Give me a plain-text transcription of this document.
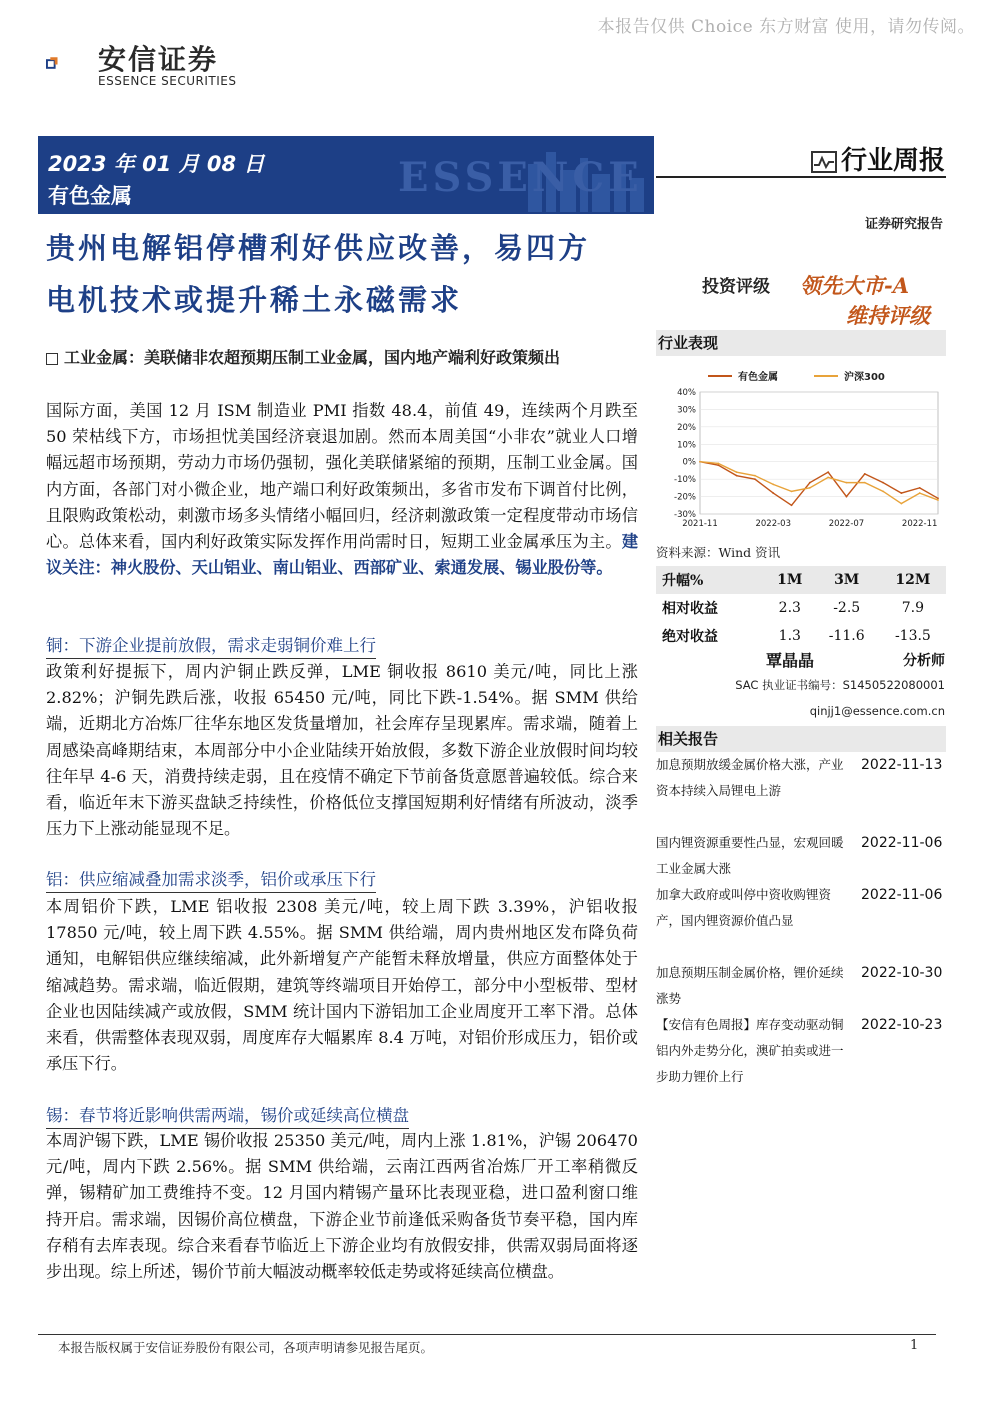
本报告仅供 Choice 东方财富 使用，请勿传阅。
安信证券
ESSENCE SECURITIES
ESSENCE
2023 年 01 月 08 日
有色金属
行业周报
证券研究报告
贵州电解铝停槽利好供应改善，易四方
电机技术或提升稀土永磁需求	投资评级 领先大市-A
维持评级
行业表现
40%
30%
20%
10%
0%
-10%
-20%
-30%
2021-11	2022-03	2022-07	2022-11
有色金属	沪深300
资料来源：Wind 资讯
升幅%	1M	3M	12M
相对收益	2.3	-2.5	7.9
绝对收益	1.3	-11.6	-13.5
覃晶晶	分析师
SAC 执业证书编号：S1450522080001
qinjj1@essence.com.cn
相关报告
加息预期放缓金属价格大涨，产业资本持续入局锂电上游
2022-11-13
国内锂资源重要性凸显，宏观回暖工业金属大涨
2022-11-06
加拿大政府或叫停中资收购锂资产，国内锂资源价值凸显
2022-11-06
加息预期压制金属价格，锂价延续涨势
2022-10-30
【安信有色周报】库存变动驱动铜铝内外走势分化，澳矿拍卖或进一步助力锂价上行
2022-10-23
工业金属：美联储非农超预期压制工业金属，国内地产端利好政策频出
国际方面，美国 12 月 ISM 制造业 PMI 指数 48.4，前值 49，连续两个月跌至 50 荣枯线下方，市场担忧美国经济衰退加剧。然而本周美国“小非农”就业人口增幅远超市场预期，劳动力市场仍强韧，强化美联储紧缩的预期，压制工业金属。国内方面，各部门对小微企业，地产端口利好政策频出，多省市发布下调首付比例，且限购政策松动，刺激市场多头情绪小幅回归，经济刺激政策一定程度带动市场信心。总体来看，国内利好政策实际发挥作用尚需时日，短期工业金属承压为主。建议关注：神火股份、天山铝业、南山铝业、西部矿业、索通发展、锡业股份等。
铜：下游企业提前放假，需求走弱铜价难上行
政策利好提振下，周内沪铜止跌反弹，LME 铜收报 8610 美元/吨，同比上涨 2.82%；沪铜先跌后涨，收报 65450 元/吨，同比下跌-1.54%。据 SMM 供给端，近期北方冶炼厂往华东地区发货量增加，社会库存呈现累库。需求端，随着上周感染高峰期结束，本周部分中小企业陆续开始放假，多数下游企业放假时间均较往年早 4-6 天，消费持续走弱，且在疫情不确定下节前备货意愿普遍较低。综合来看，临近年末下游买盘缺乏持续性，价格低位支撑国短期利好情绪有所波动，淡季压力下上涨动能显现不足。
铝：供应缩减叠加需求淡季，铝价或承压下行
本周铝价下跌，LME 铝收报 2308 美元/吨，较上周下跌 3.39%，沪铝收报 17850 元/吨，较上周下跌 4.55%。据 SMM 供给端，周内贵州地区发布降负荷通知，电解铝供应继续缩减，此外新增复产产能暂未释放增量，供应方面整体处于缩减趋势。需求端，临近假期，建筑等终端项目开始停工，部分中小型板带、型材企业也因陆续减产或放假，SMM 统计国内下游铝加工企业周度开工率下滑。总体来看，供需整体表现双弱，周度库存大幅累库 8.4 万吨，对铝价形成压力，铝价或承压下行。
锡：春节将近影响供需两端，锡价或延续高位横盘
本周沪锡下跌，LME 锡价收报 25350 美元/吨，周内上涨 1.81%，沪锡 206470 元/吨，周内下跌 2.56%。据 SMM 供给端，云南江西两省冶炼厂开工率稍微反弹，锡精矿加工费维持不变。12 月国内精锡产量环比表现亚稳，进口盈利窗口维持开启。需求端，因锡价高位横盘，下游企业节前逢低采购备货节奏平稳，国内库存稍有去库表现。综合来看春节临近上下游企业均有放假安排，供需双弱局面将逐步出现。综上所述，锡价节前大幅波动概率较低走势或将延续高位横盘。
本报告版权属于安信证券股份有限公司，各项声明请参见报告尾页。	1
